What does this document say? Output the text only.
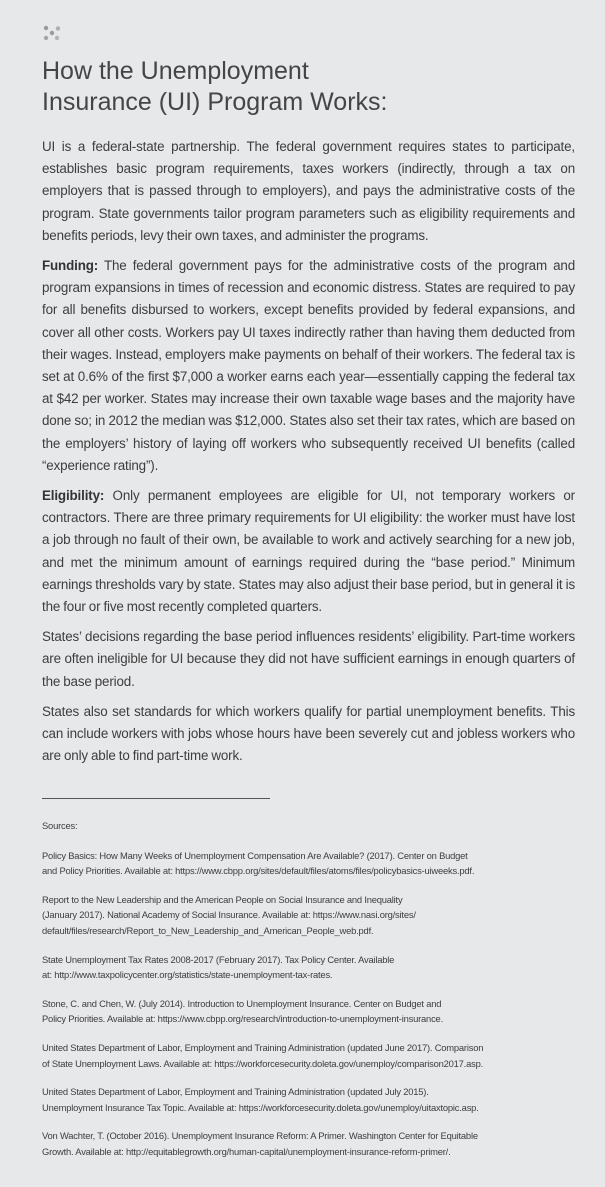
How the Unemployment
Insurance (UI) Program Works:

UI is a federal-state partnership. The federal government requires states to participate, establishes basic program requirements, taxes workers (indirectly, through a tax on employers that is passed through to employers), and pays the administrative costs of the program. State governments tailor program parameters such as eligibility requirements and benefits periods, levy their own taxes, and administer the programs.

Funding: The federal government pays for the administrative costs of the program and program expansions in times of recession and economic distress. States are required to pay for all benefits disbursed to workers, except benefits provided by federal expansions, and cover all other costs. Workers pay UI taxes indirectly rather than having them deducted from their wages. Instead, employers make payments on behalf of their workers. The federal tax is set at 0.6% of the first $7,000 a worker earns each year—essentially capping the federal tax at $42 per worker. States may increase their own taxable wage bases and the majority have done so; in 2012 the median was $12,000. States also set their tax rates, which are based on the employers’ history of laying off workers who subsequently received UI benefits (called “experience rating”).

Eligibility: Only permanent employees are eligible for UI, not temporary workers or contractors. There are three primary requirements for UI eligibility: the worker must have lost a job through no fault of their own, be available to work and actively searching for a new job, and met the minimum amount of earnings required during the “base period.” Minimum earnings thresholds vary by state. States may also adjust their base period, but in general it is the four or five most recently completed quarters.

States’ decisions regarding the base period influences residents’ eligibility. Part-time workers are often ineligible for UI because they did not have sufficient earnings in enough quarters of the base period.

States also set standards for which workers qualify for partial unemployment benefits. This can include workers with jobs whose hours have been severely cut and jobless workers who are only able to find part-time work.

Sources:
Policy Basics: How Many Weeks of Unemployment Compensation Are Available? (2017). Center on Budget
and Policy Priorities. Available at: https://www.cbpp.org/sites/default/files/atoms/files/policybasics-uiweeks.pdf.
Report to the New Leadership and the American People on Social Insurance and Inequality
(January 2017). National Academy of Social Insurance. Available at: https://www.nasi.org/sites/
default/files/research/Report_to_New_Leadership_and_American_People_web.pdf.
State Unemployment Tax Rates 2008-2017 (February 2017). Tax Policy Center. Available
at: http://www.taxpolicycenter.org/statistics/state-unemployment-tax-rates.
Stone, C. and Chen, W. (July 2014). Introduction to Unemployment Insurance. Center on Budget and
Policy Priorities. Available at: https://www.cbpp.org/research/introduction-to-unemployment-insurance.
United States Department of Labor, Employment and Training Administration (updated June 2017). Comparison
of State Unemployment Laws. Available at: https://workforcesecurity.doleta.gov/unemploy/comparison2017.asp.
United States Department of Labor, Employment and Training Administration (updated July 2015).
Unemployment Insurance Tax Topic. Available at: https://workforcesecurity.doleta.gov/unemploy/uitaxtopic.asp.
Von Wachter, T. (October 2016). Unemployment Insurance Reform: A Primer. Washington Center for Equitable
Growth. Available at: http://equitablegrowth.org/human-capital/unemployment-insurance-reform-primer/.
